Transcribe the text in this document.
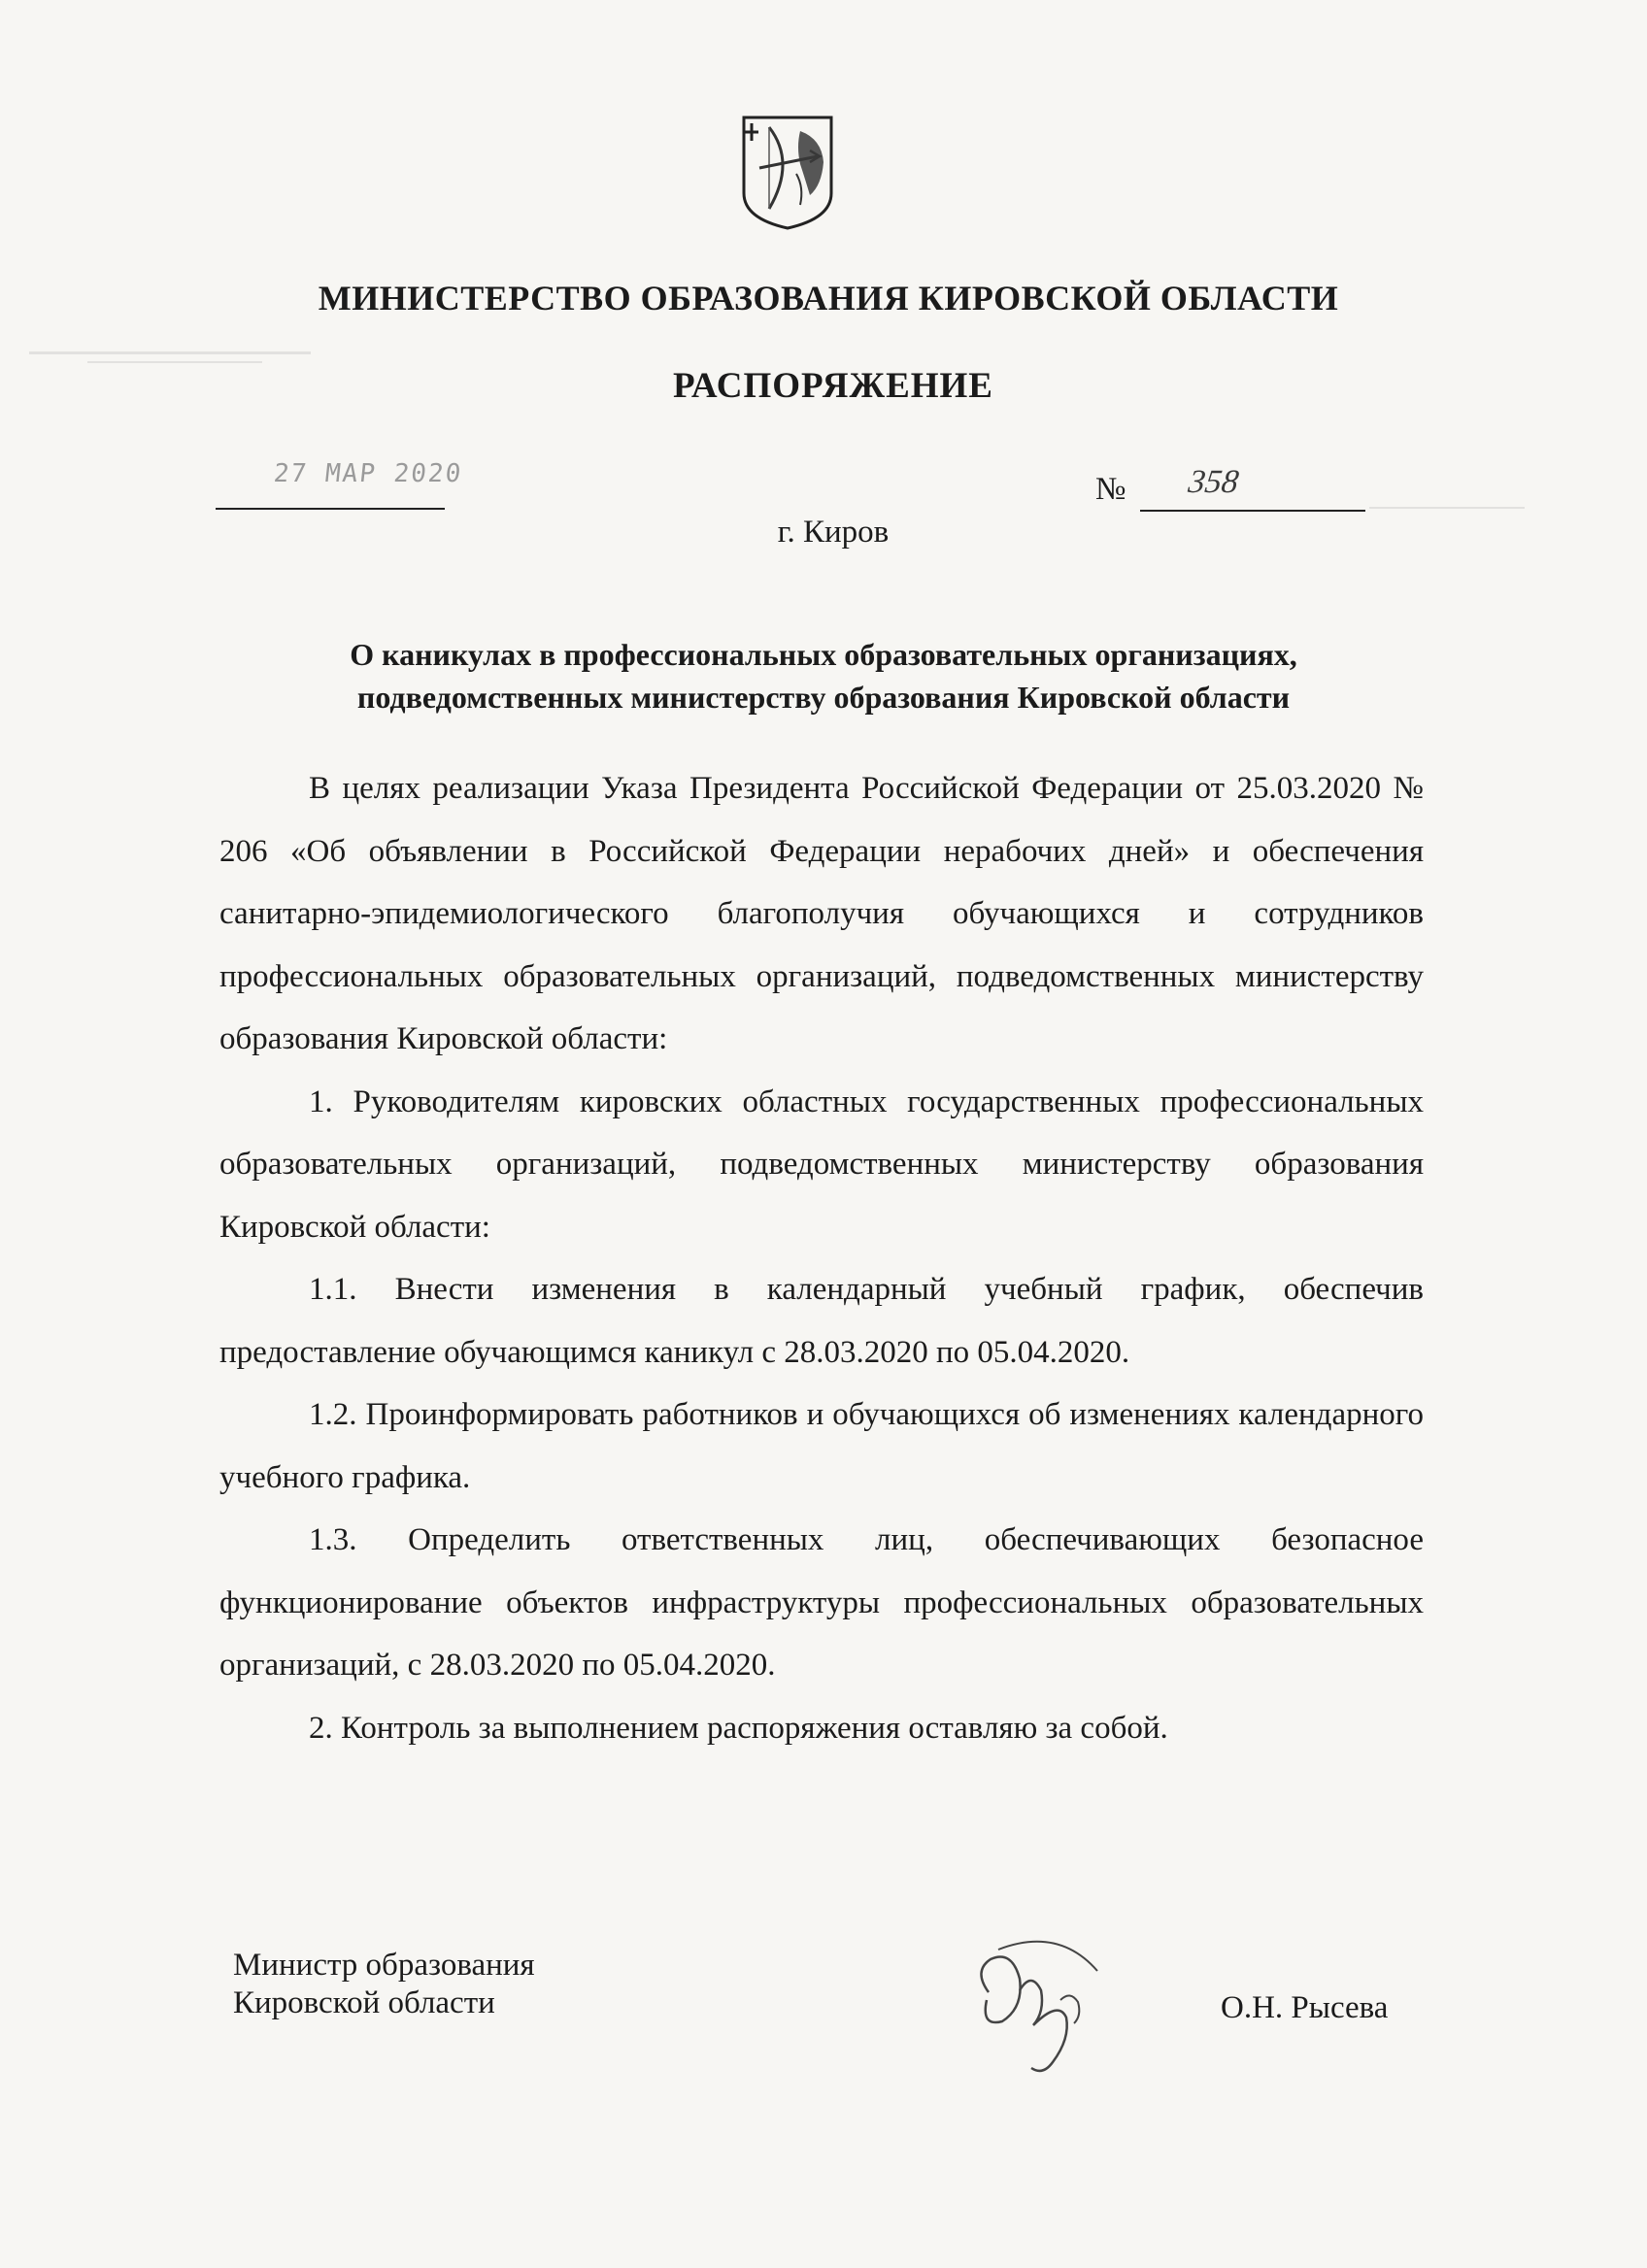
МИНИСТЕРСТВО ОБРАЗОВАНИЯ КИРОВСКОЙ ОБЛАСТИ
РАСПОРЯЖЕНИЕ
27 МАР 2020	№ 358
г. Киров
О каникулах в профессиональных образовательных организациях,
подведомственных министерству образования Кировской области

В целях реализации Указа Президента Российской Федерации от 25.03.2020 № 206 «Об объявлении в Российской Федерации нерабочих дней» и обеспечения санитарно-эпидемиологического благополучия обучающихся и сотрудников профессиональных образовательных организаций, подведомственных министерству образования Кировской области:

1. Руководителям кировских областных государственных профессиональных образовательных организаций, подведомственных министерству образования Кировской области:

1.1. Внести изменения в календарный учебный график, обеспечив предоставление обучающимся каникул с 28.03.2020 по 05.04.2020.

1.2. Проинформировать работников и обучающихся об изменениях календарного учебного графика.

1.3. Определить ответственных лиц, обеспечивающих безопасное функционирование объектов инфраструктуры профессиональных образовательных организаций, с 28.03.2020 по 05.04.2020.

2. Контроль за выполнением распоряжения оставляю за собой.

Министр образования
Кировской области	О.Н. Рысева
